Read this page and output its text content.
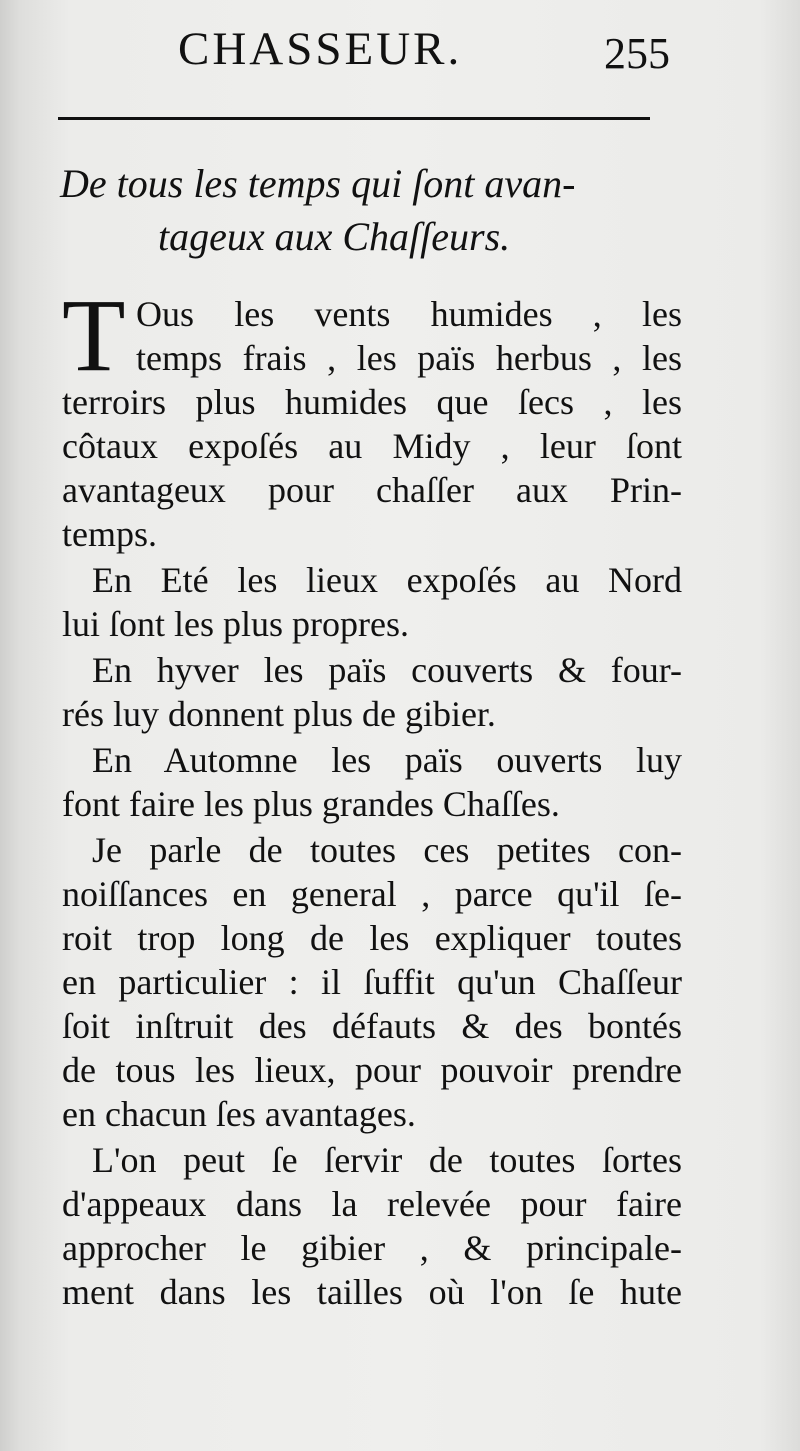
CHASSEUR.	255
De tous les temps qui ſont avan-
tageux aux Chaſſeurs.
T Ous les vents humides , les
temps frais , les païs herbus , les
terroirs plus humides que ſecs , les
côtaux expoſés au Midy , leur ſont
avantageux pour chaſſer aux Prin-
temps.
En Eté les lieux expoſés au Nord
lui ſont les plus propres.
En hyver les païs couverts & four-
rés luy donnent plus de gibier.
En Automne les païs ouverts luy
font faire les plus grandes Chaſſes.
Je parle de toutes ces petites con-
noiſſances en general , parce qu'il ſe-
roit trop long de les expliquer toutes
en particulier : il ſuffit qu'un Chaſſeur
ſoit inſtruit des défauts & des bontés
de tous les lieux, pour pouvoir prendre
en chacun ſes avantages.
L'on peut ſe ſervir de toutes ſortes
d'appeaux dans la relevée pour faire
approcher le gibier , & principale-
ment dans les tailles où l'on ſe hute
